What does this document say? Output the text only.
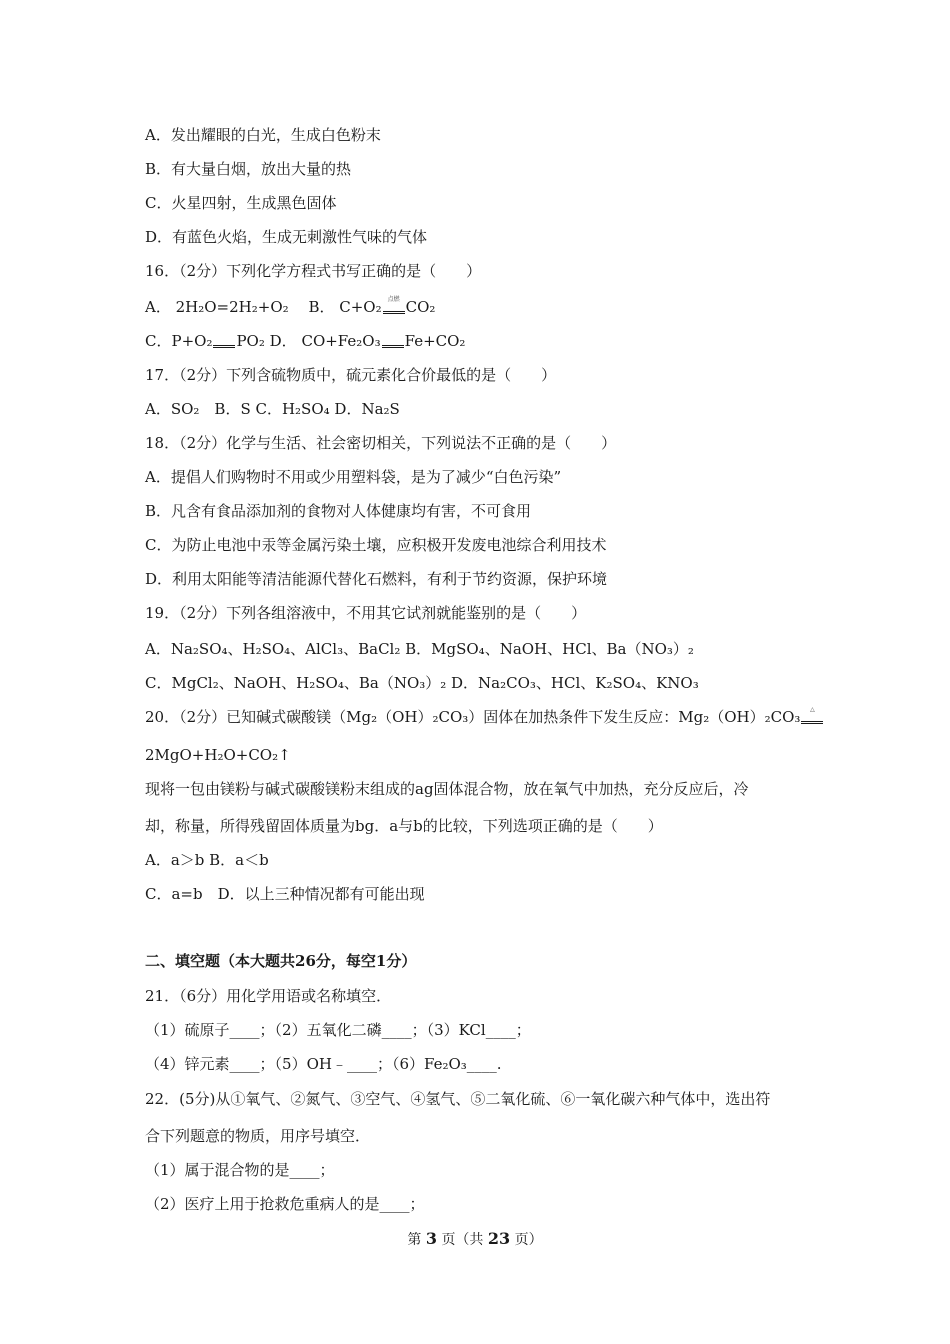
A．发出耀眼的白光，生成白色粉末
B．有大量白烟，放出大量的热
C．火星四射，生成黑色固体
D．有蓝色火焰，生成无刺激性气味的气体
16．（2分）下列化学方程式书写正确的是（　　）
A． 2H₂O=2H₂+O₂　 B． C+O₂ 点燃 CO₂
C．P+O₂ PO₂ D． CO+Fe₂O₃ Fe+CO₂
17．（2分）下列含硫物质中，硫元素化合价最低的是（　　）
A．SO₂　B．S C．H₂SO₄ D．Na₂S
18．（2分）化学与生活、社会密切相关，下列说法不正确的是（　　）
A．提倡人们购物时不用或少用塑料袋，是为了减少“白色污染”
B．凡含有食品添加剂的食物对人体健康均有害，不可食用
C．为防止电池中汞等金属污染土壤，应积极开发废电池综合利用技术
D．利用太阳能等清洁能源代替化石燃料，有利于节约资源，保护环境
19．（2分）下列各组溶液中，不用其它试剂就能鉴别的是（　　）
A．Na₂SO₄、H₂SO₄、AlCl₃、BaCl₂ B．MgSO₄、NaOH、HCl、Ba（NO₃）₂
C．MgCl₂、NaOH、H₂SO₄、Ba（NO₃）₂ D．Na₂CO₃、HCl、K₂SO₄、KNO₃
20．（2分）已知碱式碳酸镁（Mg₂（OH）₂CO₃）固体在加热条件下发生反应：Mg₂（OH）₂CO₃	△
2MgO+H₂O+CO₂↑
现将一包由镁粉与碱式碳酸镁粉末组成的ag固体混合物，放在氧气中加热，充分反应后，冷
却，称量，所得残留固体质量为bg．a与b的比较，下列选项正确的是（　　）
A．a＞b B．a＜b
C．a=b　D．以上三种情况都有可能出现
二、填空题（本大题共26分，每空1分）
21．（6分）用化学用语或名称填空．
（1）硫原子____；（2）五氧化二磷____；（3）KCl____；
（4）锌元素____；（5）OH﹣____；（6）Fe₂O₃____.
22．(5分)从①氧气、②氮气、③空气、④氢气、⑤二氧化硫、⑥一氧化碳六种气体中，选出符
合下列题意的物质，用序号填空．
（1）属于混合物的是____；
（2）医疗上用于抢救危重病人的是____；
第 3 页（共 23 页）
